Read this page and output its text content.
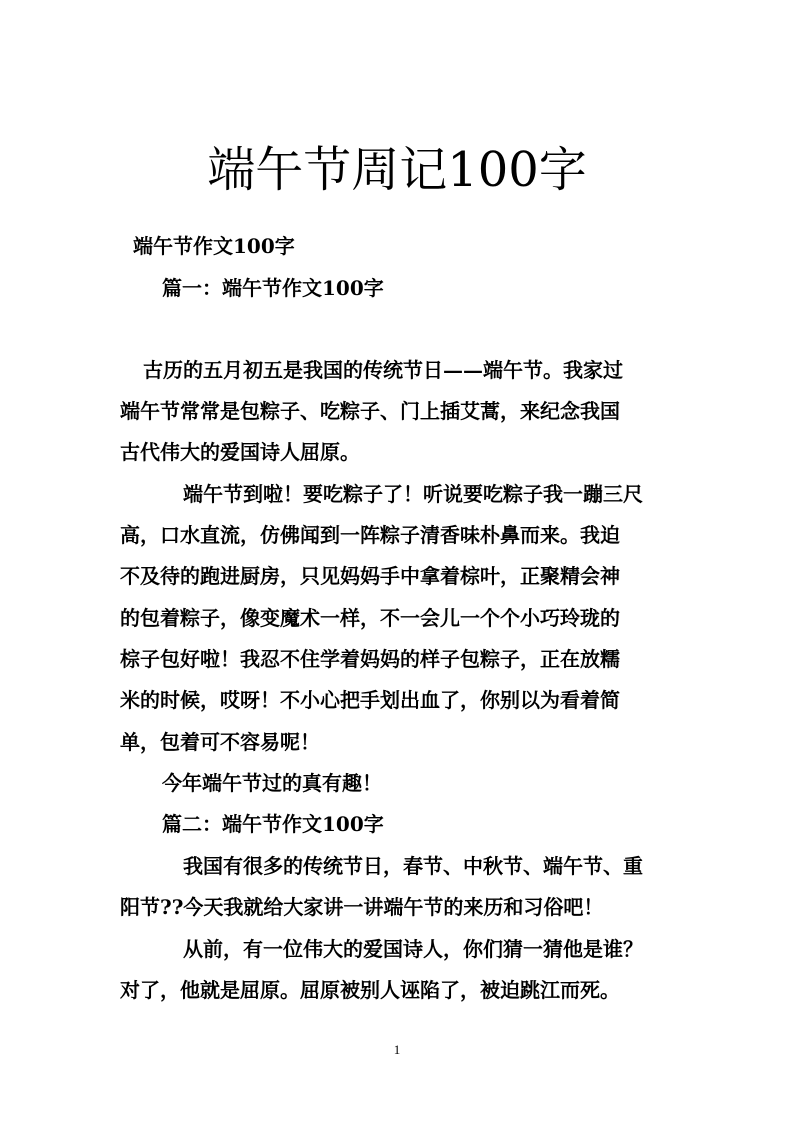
端午节周记100字

端午节作文100字

篇一：端午节作文100字

古历的五月初五是我国的传统节日——端午节。我家过

端午节常常是包粽子、吃粽子、门上插艾蒿，来纪念我国

古代伟大的爱国诗人屈原。

端午节到啦！要吃粽子了！听说要吃粽子我一蹦三尺

高，口水直流，仿佛闻到一阵粽子清香味朴鼻而来。我迫

不及待的跑进厨房，只见妈妈手中拿着棕叶，正聚精会神

的包着粽子，像变魔术一样，不一会儿一个个小巧玲珑的

棕子包好啦！我忍不住学着妈妈的样子包粽子，正在放糯

米的时候，哎呀！不小心把手划出血了，你别以为看着简

单，包着可不容易呢！

今年端午节过的真有趣！

篇二：端午节作文100字

我国有很多的传统节日，春节、中秋节、端午节、重

阳节??今天我就给大家讲一讲端午节的来历和习俗吧！

从前，有一位伟大的爱国诗人，你们猜一猜他是谁？

对了，他就是屈原。屈原被别人诬陷了，被迫跳江而死。

1
